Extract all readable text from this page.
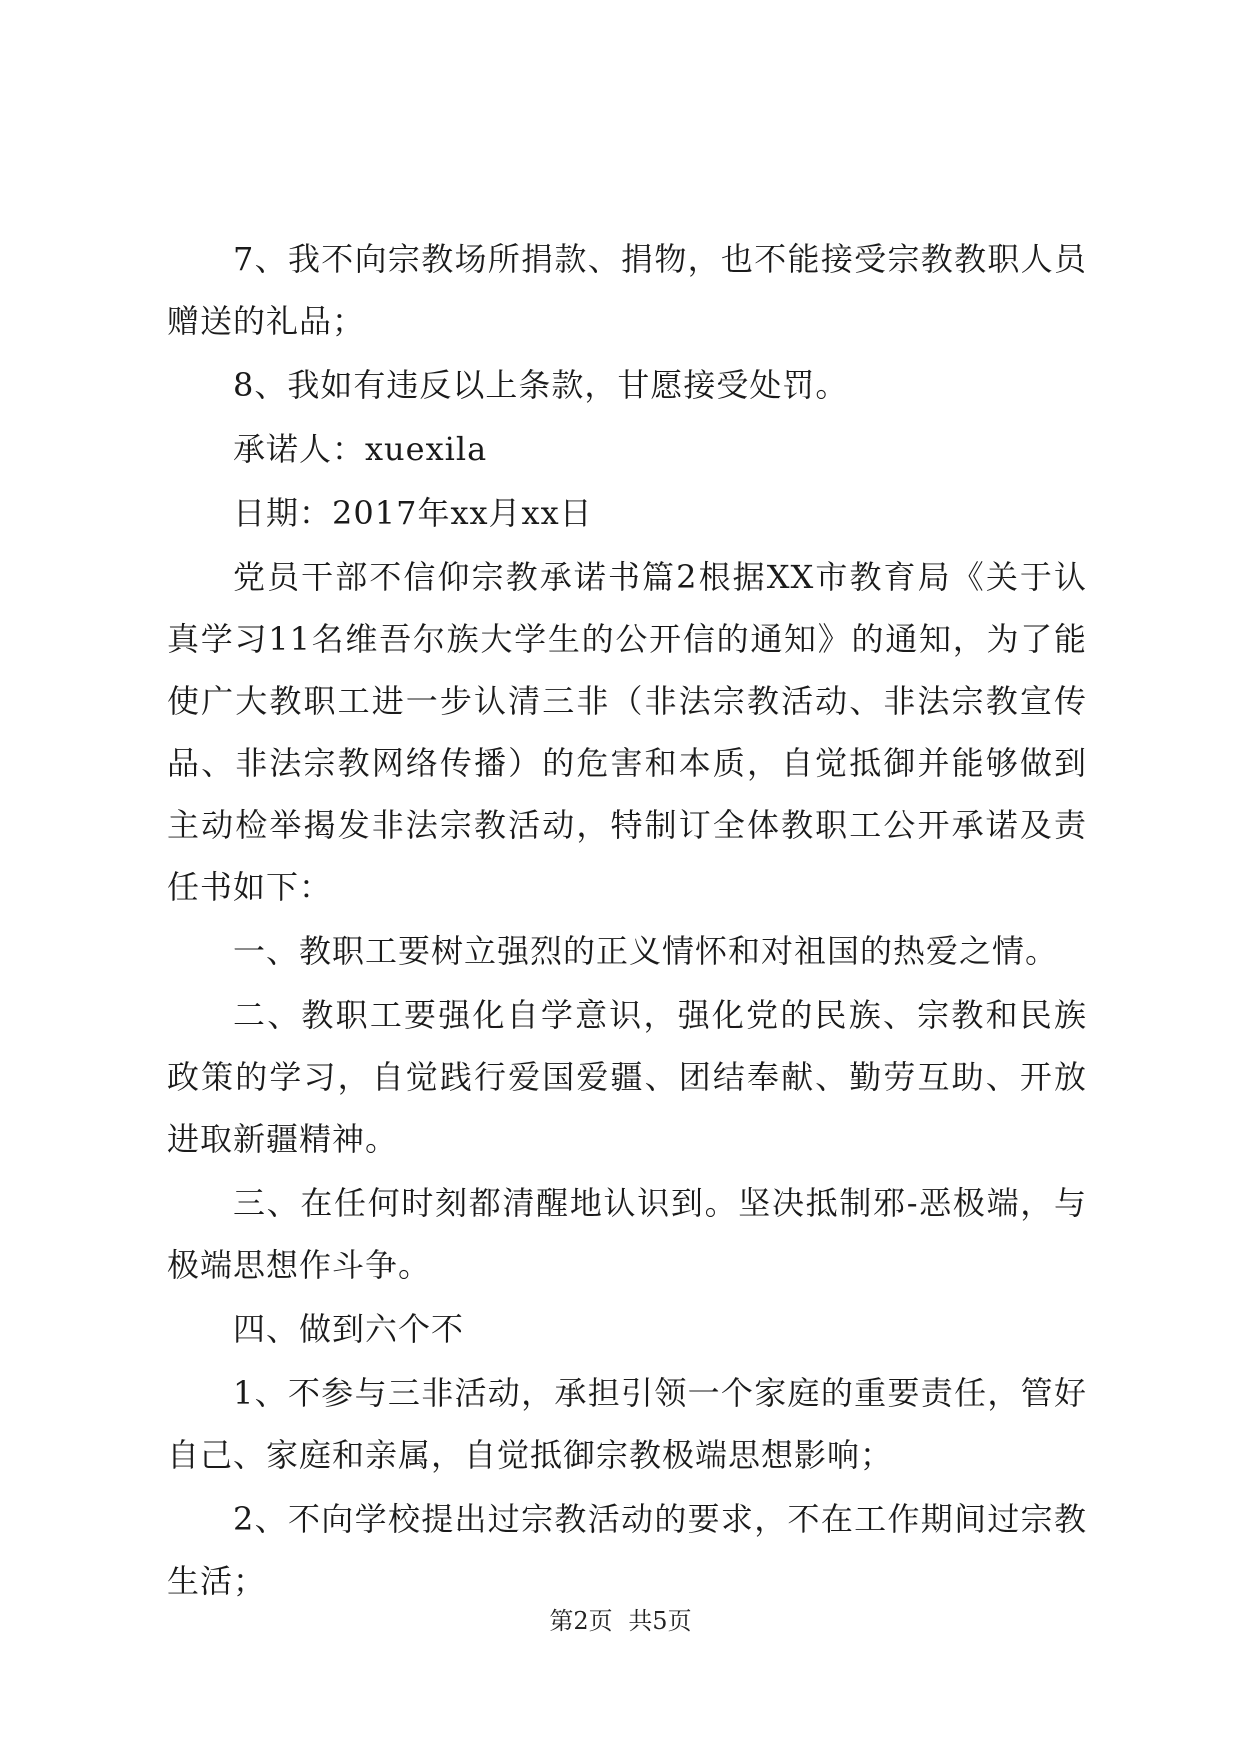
7、我不向宗教场所捐款、捐物，也不能接受宗教教职人员赠送的礼品；

8、我如有违反以上条款，甘愿接受处罚。

承诺人：xuexila

日期：2017年xx月xx日

党员干部不信仰宗教承诺书篇2根据XX市教育局《关于认真学习11名维吾尔族大学生的公开信的通知》的通知，为了能使广大教职工进一步认清三非（非法宗教活动、非法宗教宣传品、非法宗教网络传播）的危害和本质，自觉抵御并能够做到主动检举揭发非法宗教活动，特制订全体教职工公开承诺及责任书如下：

一、教职工要树立强烈的正义情怀和对祖国的热爱之情。

二、教职工要强化自学意识，强化党的民族、宗教和民族政策的学习，自觉践行爱国爱疆、团结奉献、勤劳互助、开放进取新疆精神。

三、在任何时刻都清醒地认识到。坚决抵制邪-恶极端，与极端思想作斗争。

四、做到六个不

1、不参与三非活动，承担引领一个家庭的重要责任，管好自己、家庭和亲属，自觉抵御宗教极端思想影响；

2、不向学校提出过宗教活动的要求，不在工作期间过宗教生活；

第2页 共5页
